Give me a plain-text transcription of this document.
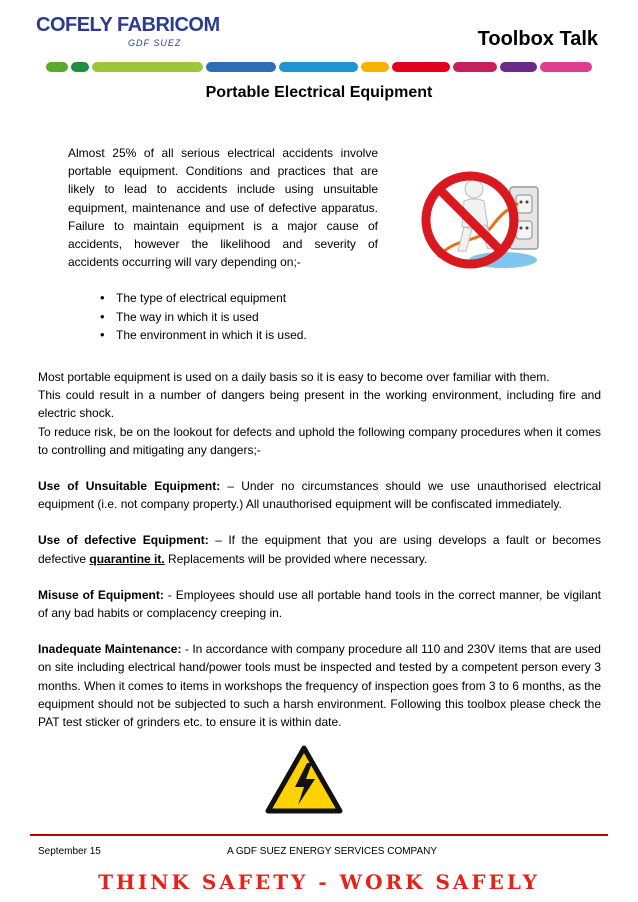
COFELY FABRICOM
GDF SUEZ	Toolbox Talk
Portable Electrical Equipment

Almost 25% of all serious electrical accidents involve portable equipment. Conditions and practices that are likely to lead to accidents include using unsuitable equipment, maintenance and use of defective apparatus. Failure to maintain equipment is a major cause of accidents, however the likelihood and severity of accidents occurring will vary depending on;-

• The type of electrical equipment
• The way in which it is used
• The environment in which it is used.

Most portable equipment is used on a daily basis so it is easy to become over familiar with them.

This could result in a number of dangers being present in the working environment, including fire and electric shock.

To reduce risk, be on the lookout for defects and uphold the following company procedures when it comes to controlling and mitigating any dangers;-

Use of Unsuitable Equipment: – Under no circumstances should we use unauthorised electrical equipment (i.e. not company property.) All unauthorised equipment will be confiscated immediately.

Use of defective Equipment: – If the equipment that you are using develops a fault or becomes defective quarantine it. Replacements will be provided where necessary.

Misuse of Equipment: - Employees should use all portable hand tools in the correct manner, be vigilant of any bad habits or complacency creeping in.

Inadequate Maintenance: - In accordance with company procedure all 110 and 230V items that are used on site including electrical hand/power tools must be inspected and tested by a competent person every 3 months. When it comes to items in workshops the frequency of inspection goes from 3 to 6 months, as the equipment should not be subjected to such a harsh environment. Following this toolbox please check the PAT test sticker of grinders etc. to ensure it is within date.

September 15	A GDF SUEZ ENERGY SERVICES COMPANY
THINK SAFETY - WORK SAFELY
